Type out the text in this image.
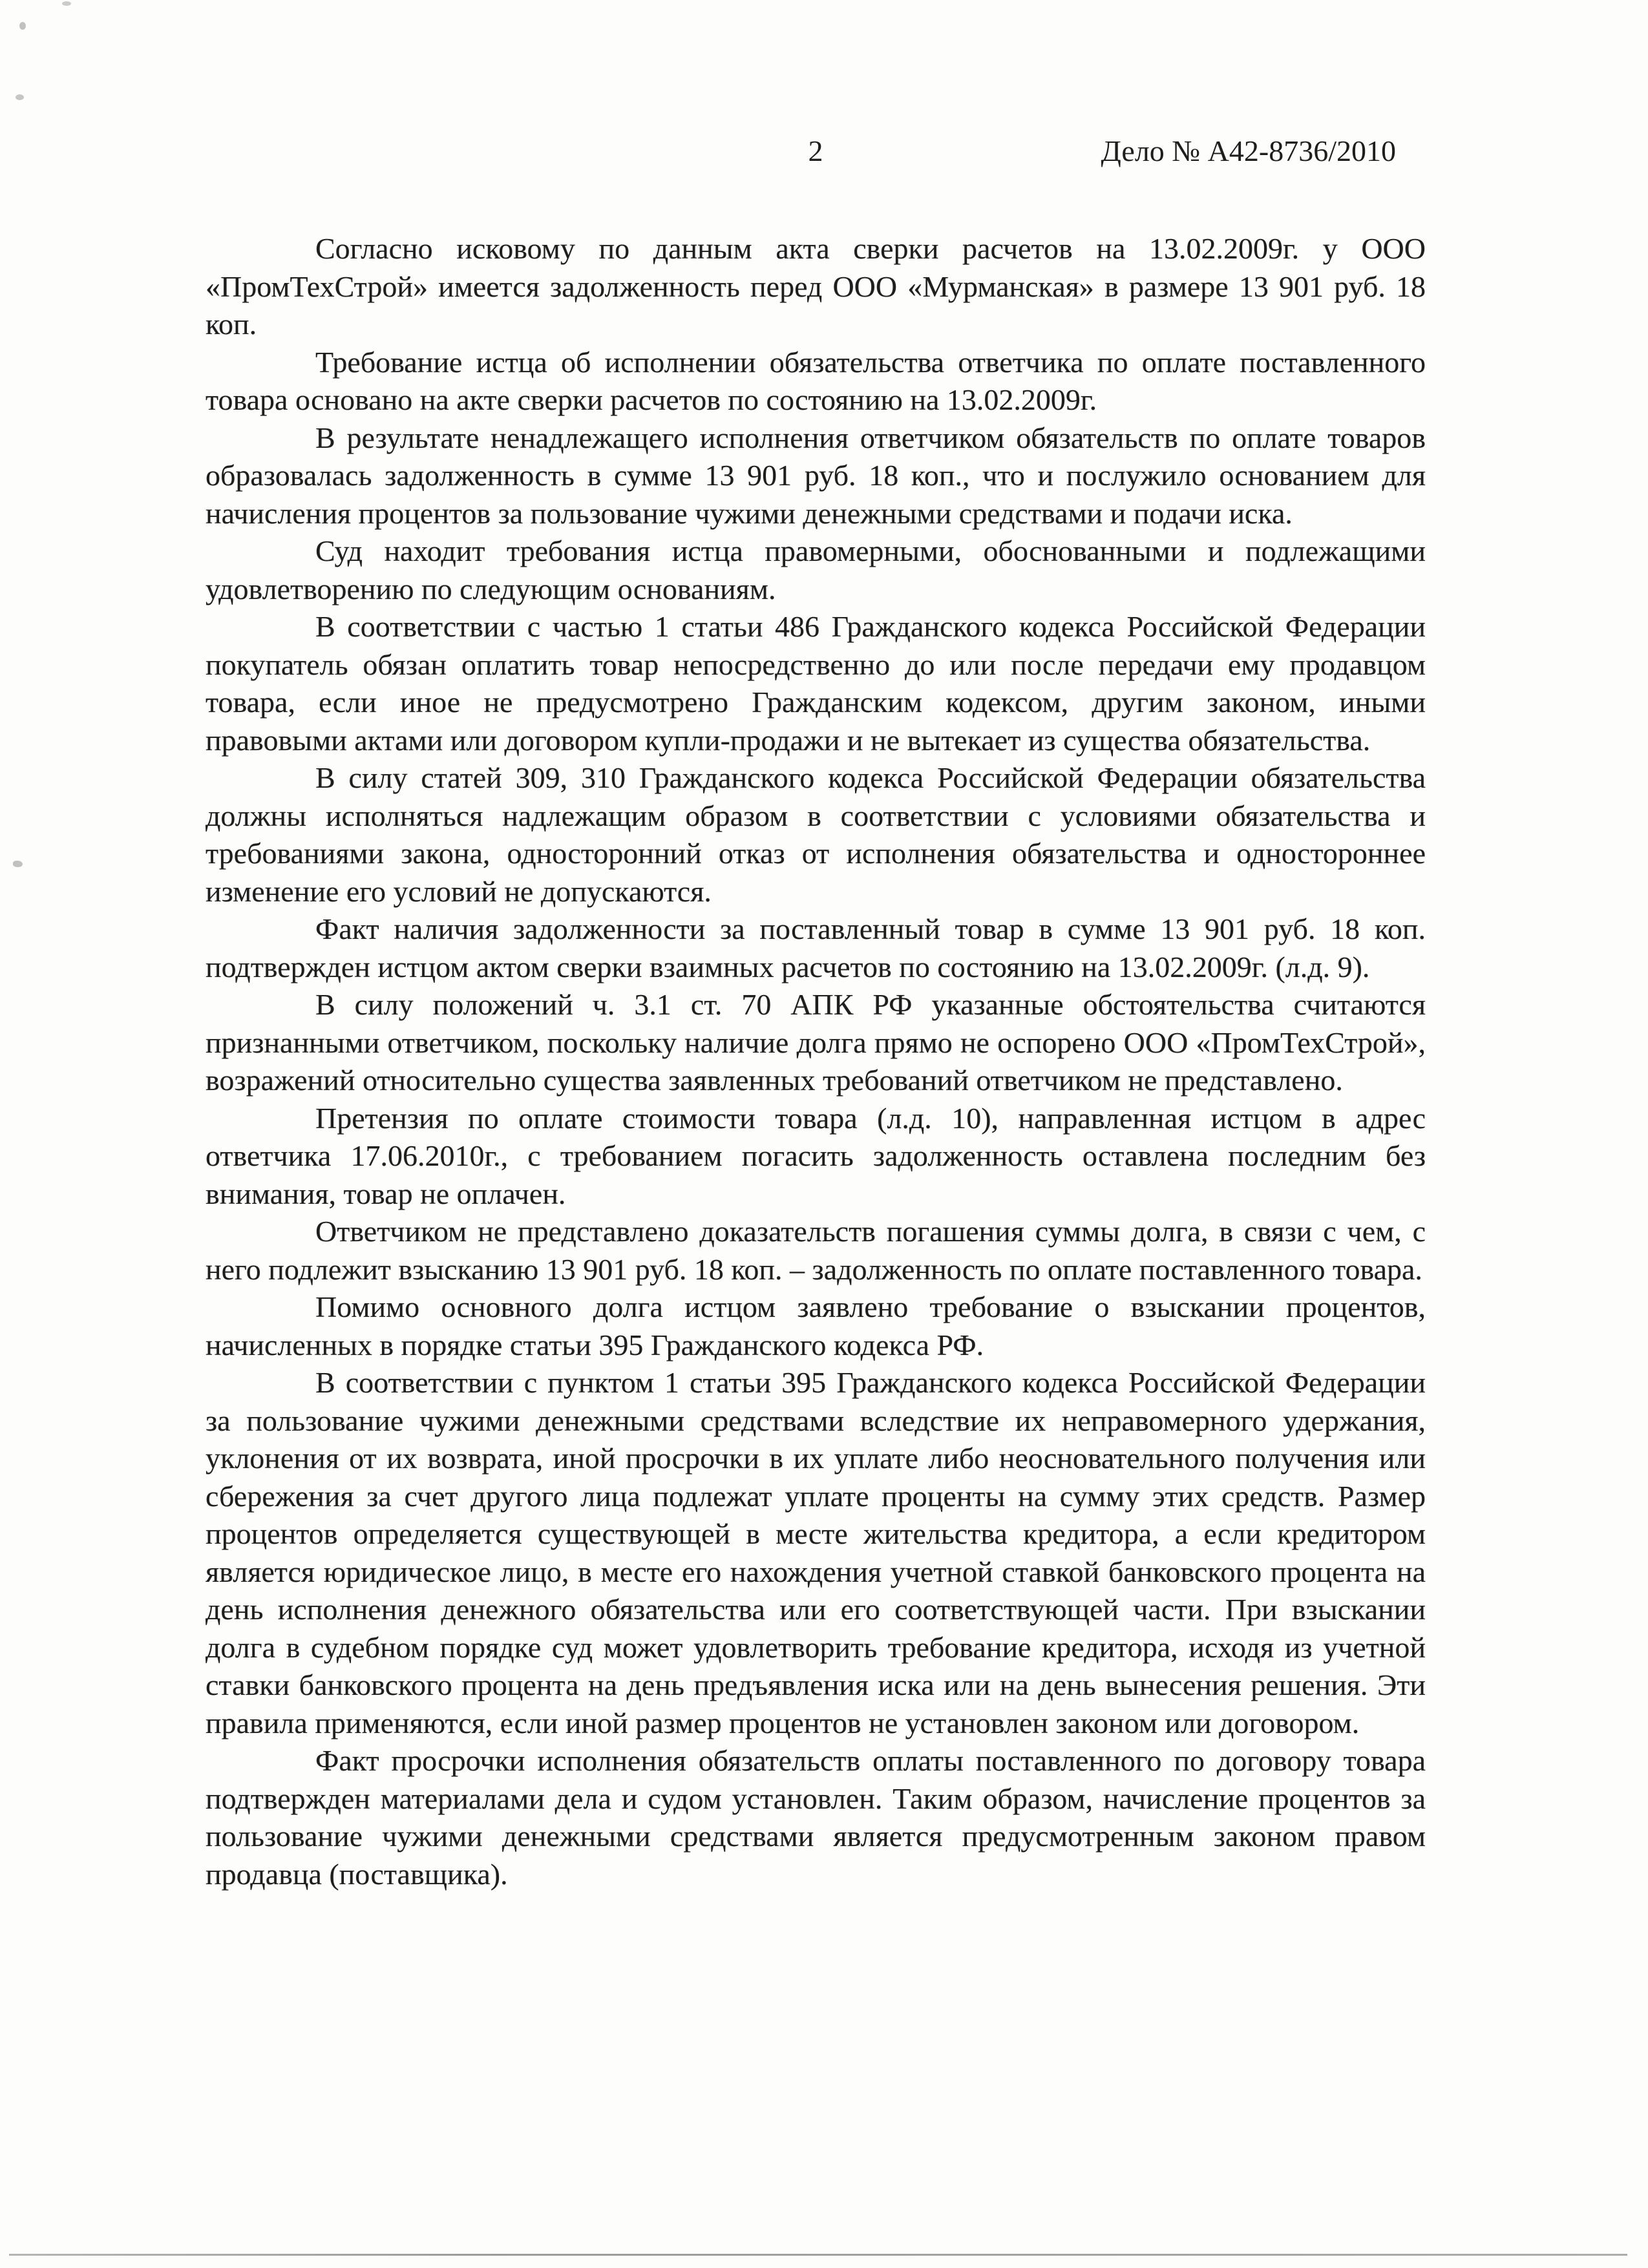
2	Дело № А42-8736/2010

Согласно исковому по данным акта сверки расчетов на 13.02.2009г. у ООО «ПромТехСтрой» имеется задолженность перед ООО «Мурманская» в размере 13 901 руб. 18 коп.

Требование истца об исполнении обязательства ответчика по оплате поставленного товара основано на акте сверки расчетов по состоянию на 13.02.2009г.

В результате ненадлежащего исполнения ответчиком обязательств по оплате товаров образовалась задолженность в сумме 13 901 руб. 18 коп., что и послужило основанием для начисления процентов за пользование чужими денежными средствами и подачи иска.

Суд находит требования истца правомерными, обоснованными и подлежащими удовлетворению по следующим основаниям.

В соответствии с частью 1 статьи 486 Гражданского кодекса Российской Федерации покупатель обязан оплатить товар непосредственно до или после передачи ему продавцом товара, если иное не предусмотрено Гражданским кодексом, другим законом, иными правовыми актами или договором купли-продажи и не вытекает из существа обязательства.

В силу статей 309, 310 Гражданского кодекса Российской Федерации обязательства должны исполняться надлежащим образом в соответствии с условиями обязательства и требованиями закона, односторонний отказ от исполнения обязательства и одностороннее изменение его условий не допускаются.

Факт наличия задолженности за поставленный товар в сумме 13 901 руб. 18 коп. подтвержден истцом актом сверки взаимных расчетов по состоянию на 13.02.2009г. (л.д. 9).

В силу положений ч. 3.1 ст. 70 АПК РФ указанные обстоятельства считаются признанными ответчиком, поскольку наличие долга прямо не оспорено ООО «ПромТехСтрой», возражений относительно существа заявленных требований ответчиком не представлено.

Претензия по оплате стоимости товара (л.д. 10), направленная истцом в адрес ответчика 17.06.2010г., с требованием погасить задолженность оставлена последним без внимания, товар не оплачен.

Ответчиком не представлено доказательств погашения суммы долга, в связи с чем, с него подлежит взысканию 13 901 руб. 18 коп. – задолженность по оплате поставленного товара.

Помимо основного долга истцом заявлено требование о взыскании процентов, начисленных в порядке статьи 395 Гражданского кодекса РФ.

В соответствии с пунктом 1 статьи 395 Гражданского кодекса Российской Федерации за пользование чужими денежными средствами вследствие их неправомерного удержания, уклонения от их возврата, иной просрочки в их уплате либо неосновательного получения или сбережения за счет другого лица подлежат уплате проценты на сумму этих средств. Размер процентов определяется существующей в месте жительства кредитора, а если кредитором является юридическое лицо, в месте его нахождения учетной ставкой банковского процента на день исполнения денежного обязательства или его соответствующей части. При взыскании долга в судебном порядке суд может удовлетворить требование кредитора, исходя из учетной ставки банковского процента на день предъявления иска или на день вынесения решения. Эти правила применяются, если иной размер процентов не установлен законом или договором.

Факт просрочки исполнения обязательств оплаты поставленного по договору товара подтвержден материалами дела и судом установлен. Таким образом, начисление процентов за пользование чужими денежными средствами является предусмотренным законом правом продавца (поставщика).
